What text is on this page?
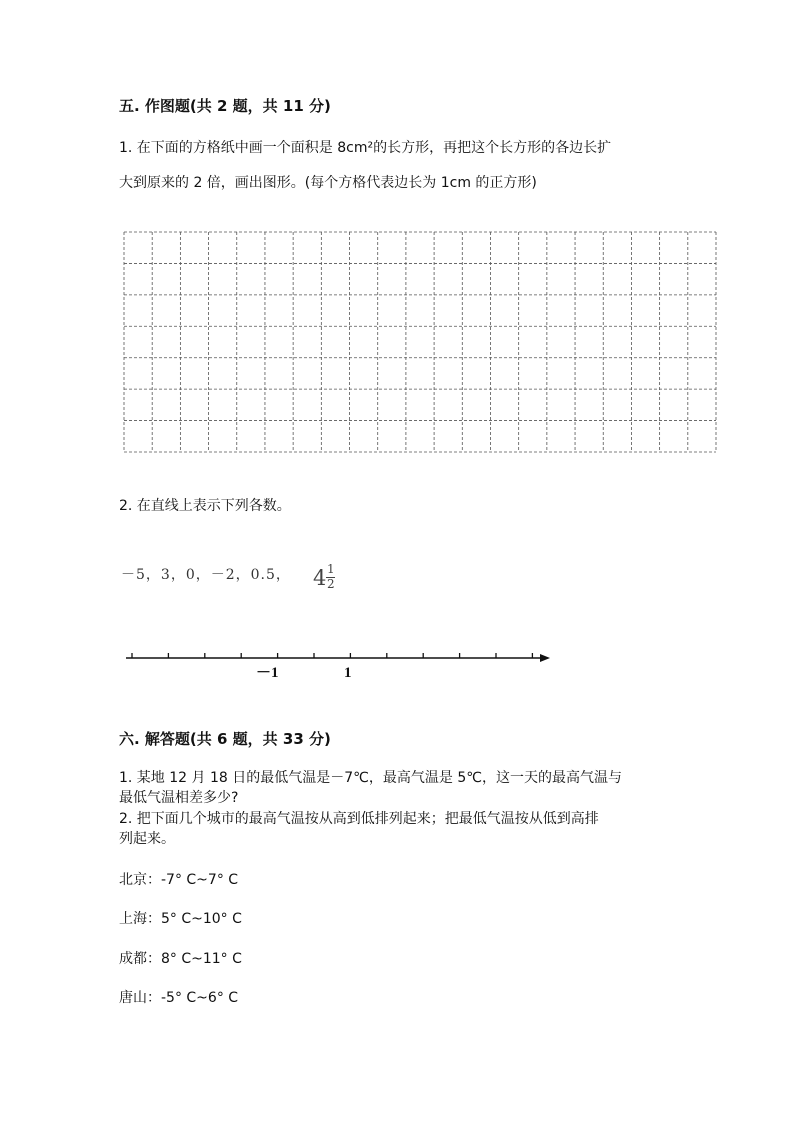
五. 作图题(共 2 题，共 11 分)
1. 在下面的方格纸中画一个面积是 8cm²的长方形，再把这个长方形的各边长扩
大到原来的 2 倍，画出图形。(每个方格代表边长为 1cm 的正方形)
2. 在直线上表示下列各数。
－5，3，0，－2，0.5， 4 1
2
－1	1
六. 解答题(共 6 题，共 33 分)
1. 某地 12 月 18 日的最低气温是－7℃，最高气温是 5℃，这一天的最高气温与
最低气温相差多少?
2. 把下面几个城市的最高气温按从高到低排列起来；把最低气温按从低到高排
列起来。
北京：-7° C~7° C
上海：5° C~10° C
成都：8° C~11° C
唐山：-5° C~6° C
